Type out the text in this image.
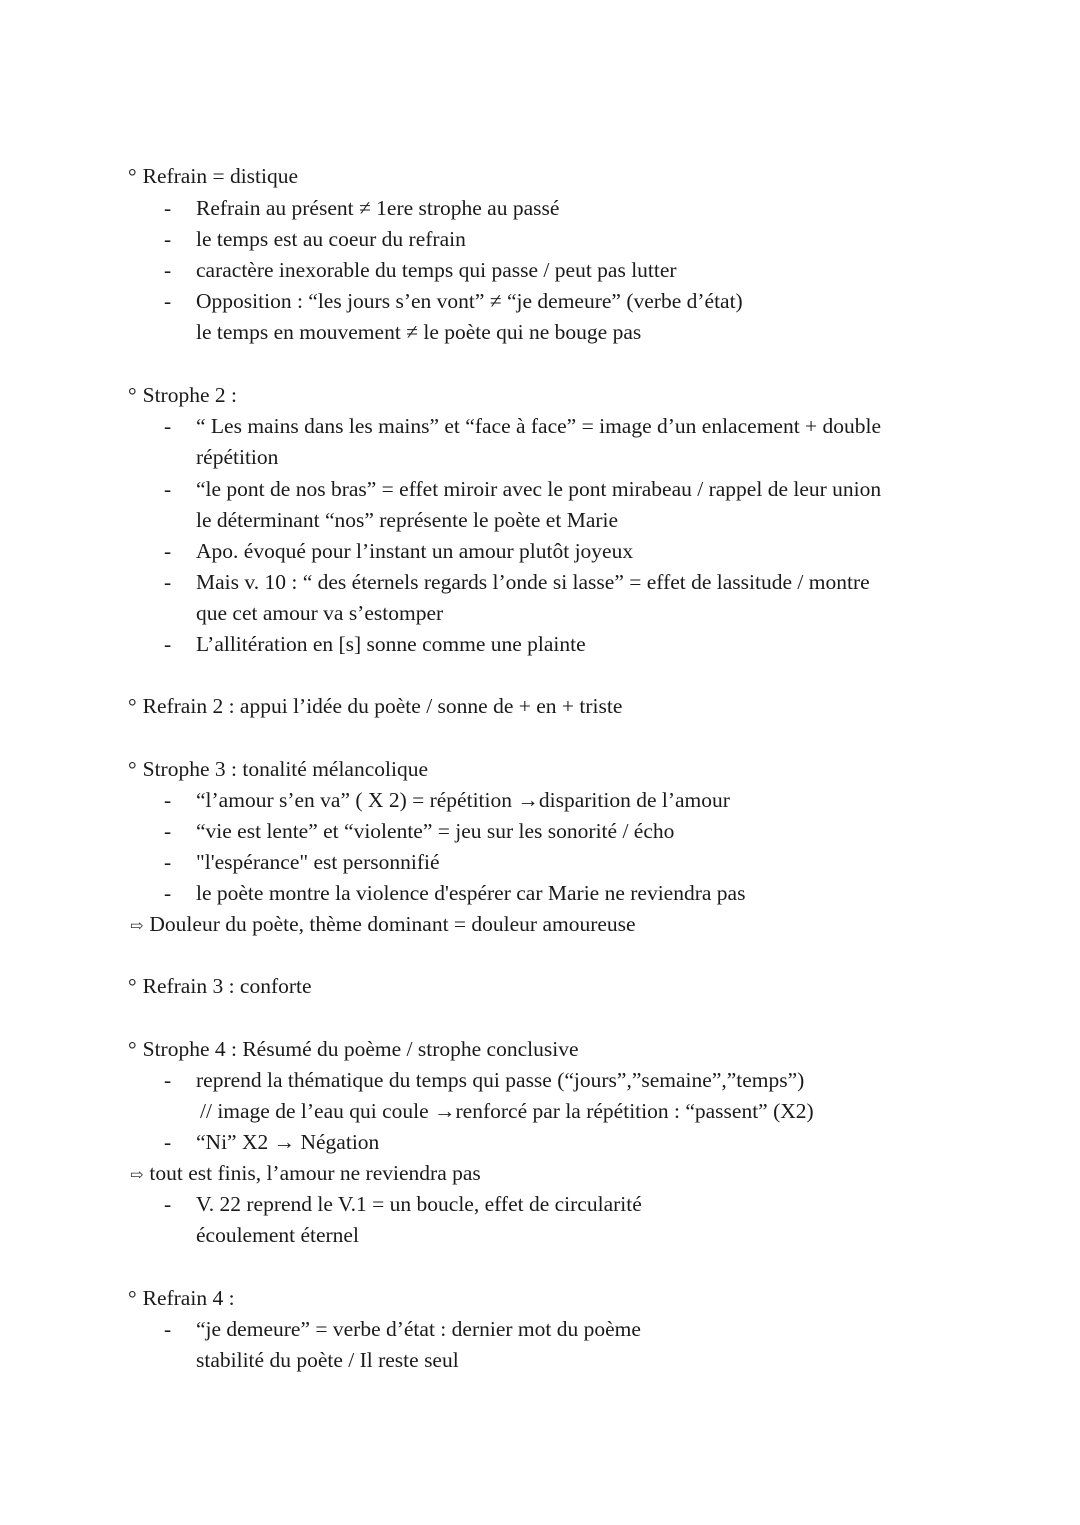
° Refrain = distique
- Refrain au présent ≠ 1ere strophe au passé
- le temps est au coeur du refrain
- caractère inexorable du temps qui passe / peut pas lutter
- Opposition : “les jours s’en vont” ≠ “je demeure” (verbe d’état)
le temps en mouvement ≠ le poète qui ne bouge pas
° Strophe 2 :
- “ Les mains dans les mains” et “face à face” = image d’un enlacement + double
répétition
- “le pont de nos bras” = effet miroir avec le pont mirabeau / rappel de leur union
le déterminant “nos” représente le poète et Marie
- Apo. évoqué pour l’instant un amour plutôt joyeux
- Mais v. 10 : “ des éternels regards l’onde si lasse” = effet de lassitude / montre
que cet amour va s’estomper
- L’allitération en [s] sonne comme une plainte
° Refrain 2 : appui l’idée du poète / sonne de + en + triste
° Strophe 3 : tonalité mélancolique
- “l’amour s’en va” ( X 2) = répétition →disparition de l’amour
- “vie est lente” et “violente” = jeu sur les sonorité / écho
- "l'espérance" est personnifié
- le poète montre la violence d'espérer car Marie ne reviendra pas
⇨ Douleur du poète, thème dominant = douleur amoureuse
° Refrain 3 : conforte
° Strophe 4 : Résumé du poème / strophe conclusive
- reprend la thématique du temps qui passe (“jours”,”semaine”,”temps”)
// image de l’eau qui coule →renforcé par la répétition : “passent” (X2)
- “Ni” X2 → Négation
⇨ tout est finis, l’amour ne reviendra pas
- V. 22 reprend le V.1 = un boucle, effet de circularité
écoulement éternel
° Refrain 4 :
- “je demeure” = verbe d’état : dernier mot du poème
stabilité du poète / Il reste seul
